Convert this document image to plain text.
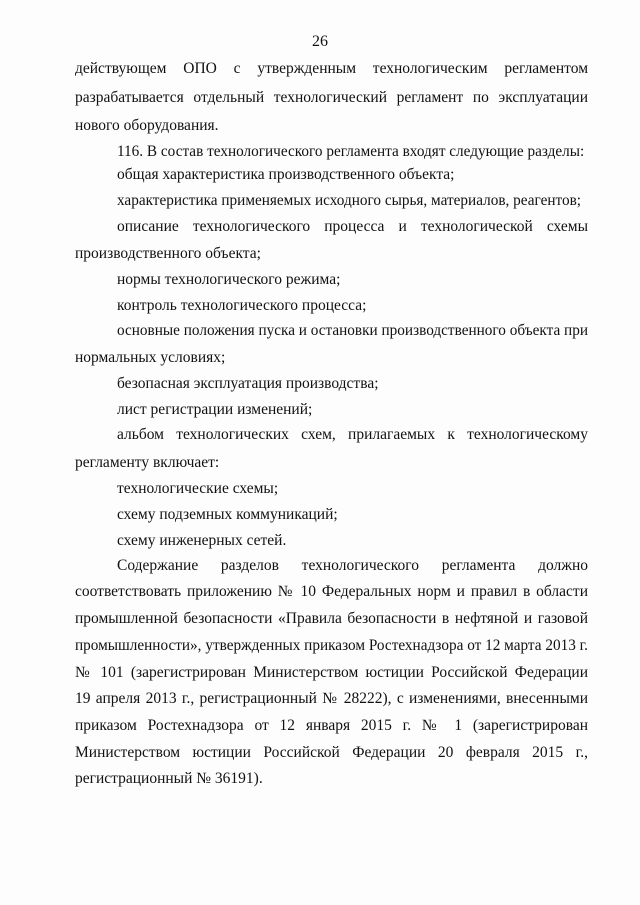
26
действующем ОПО с утвержденным технологическим регламентом
разрабатывается отдельный технологический регламент по эксплуатации
нового оборудования.
116. В состав технологического регламента входят следующие разделы:
общая характеристика производственного объекта;
характеристика применяемых исходного сырья, материалов, реагентов;
описание технологического процесса и технологической схемы
производственного объекта;
нормы технологического режима;
контроль технологического процесса;
основные положения пуска и остановки производственного объекта при
нормальных условиях;
безопасная эксплуатация производства;
лист регистрации изменений;
альбом технологических схем, прилагаемых к технологическому
регламенту включает:
технологические схемы;
схему подземных коммуникаций;
схему инженерных сетей.
Содержание разделов технологического регламента должно
соответствовать приложению № 10 Федеральных норм и правил в области
промышленной безопасности «Правила безопасности в нефтяной и газовой
промышленности», утвержденных приказом Ростехнадзора от 12 марта 2013 г.
№ 101 (зарегистрирован Министерством юстиции Российской Федерации
19 апреля 2013 г., регистрационный № 28222), с изменениями, внесенными
приказом Ростехнадзора от 12 января 2015 г. № 1 (зарегистрирован
Министерством юстиции Российской Федерации 20 февраля 2015 г.,
регистрационный № 36191).
